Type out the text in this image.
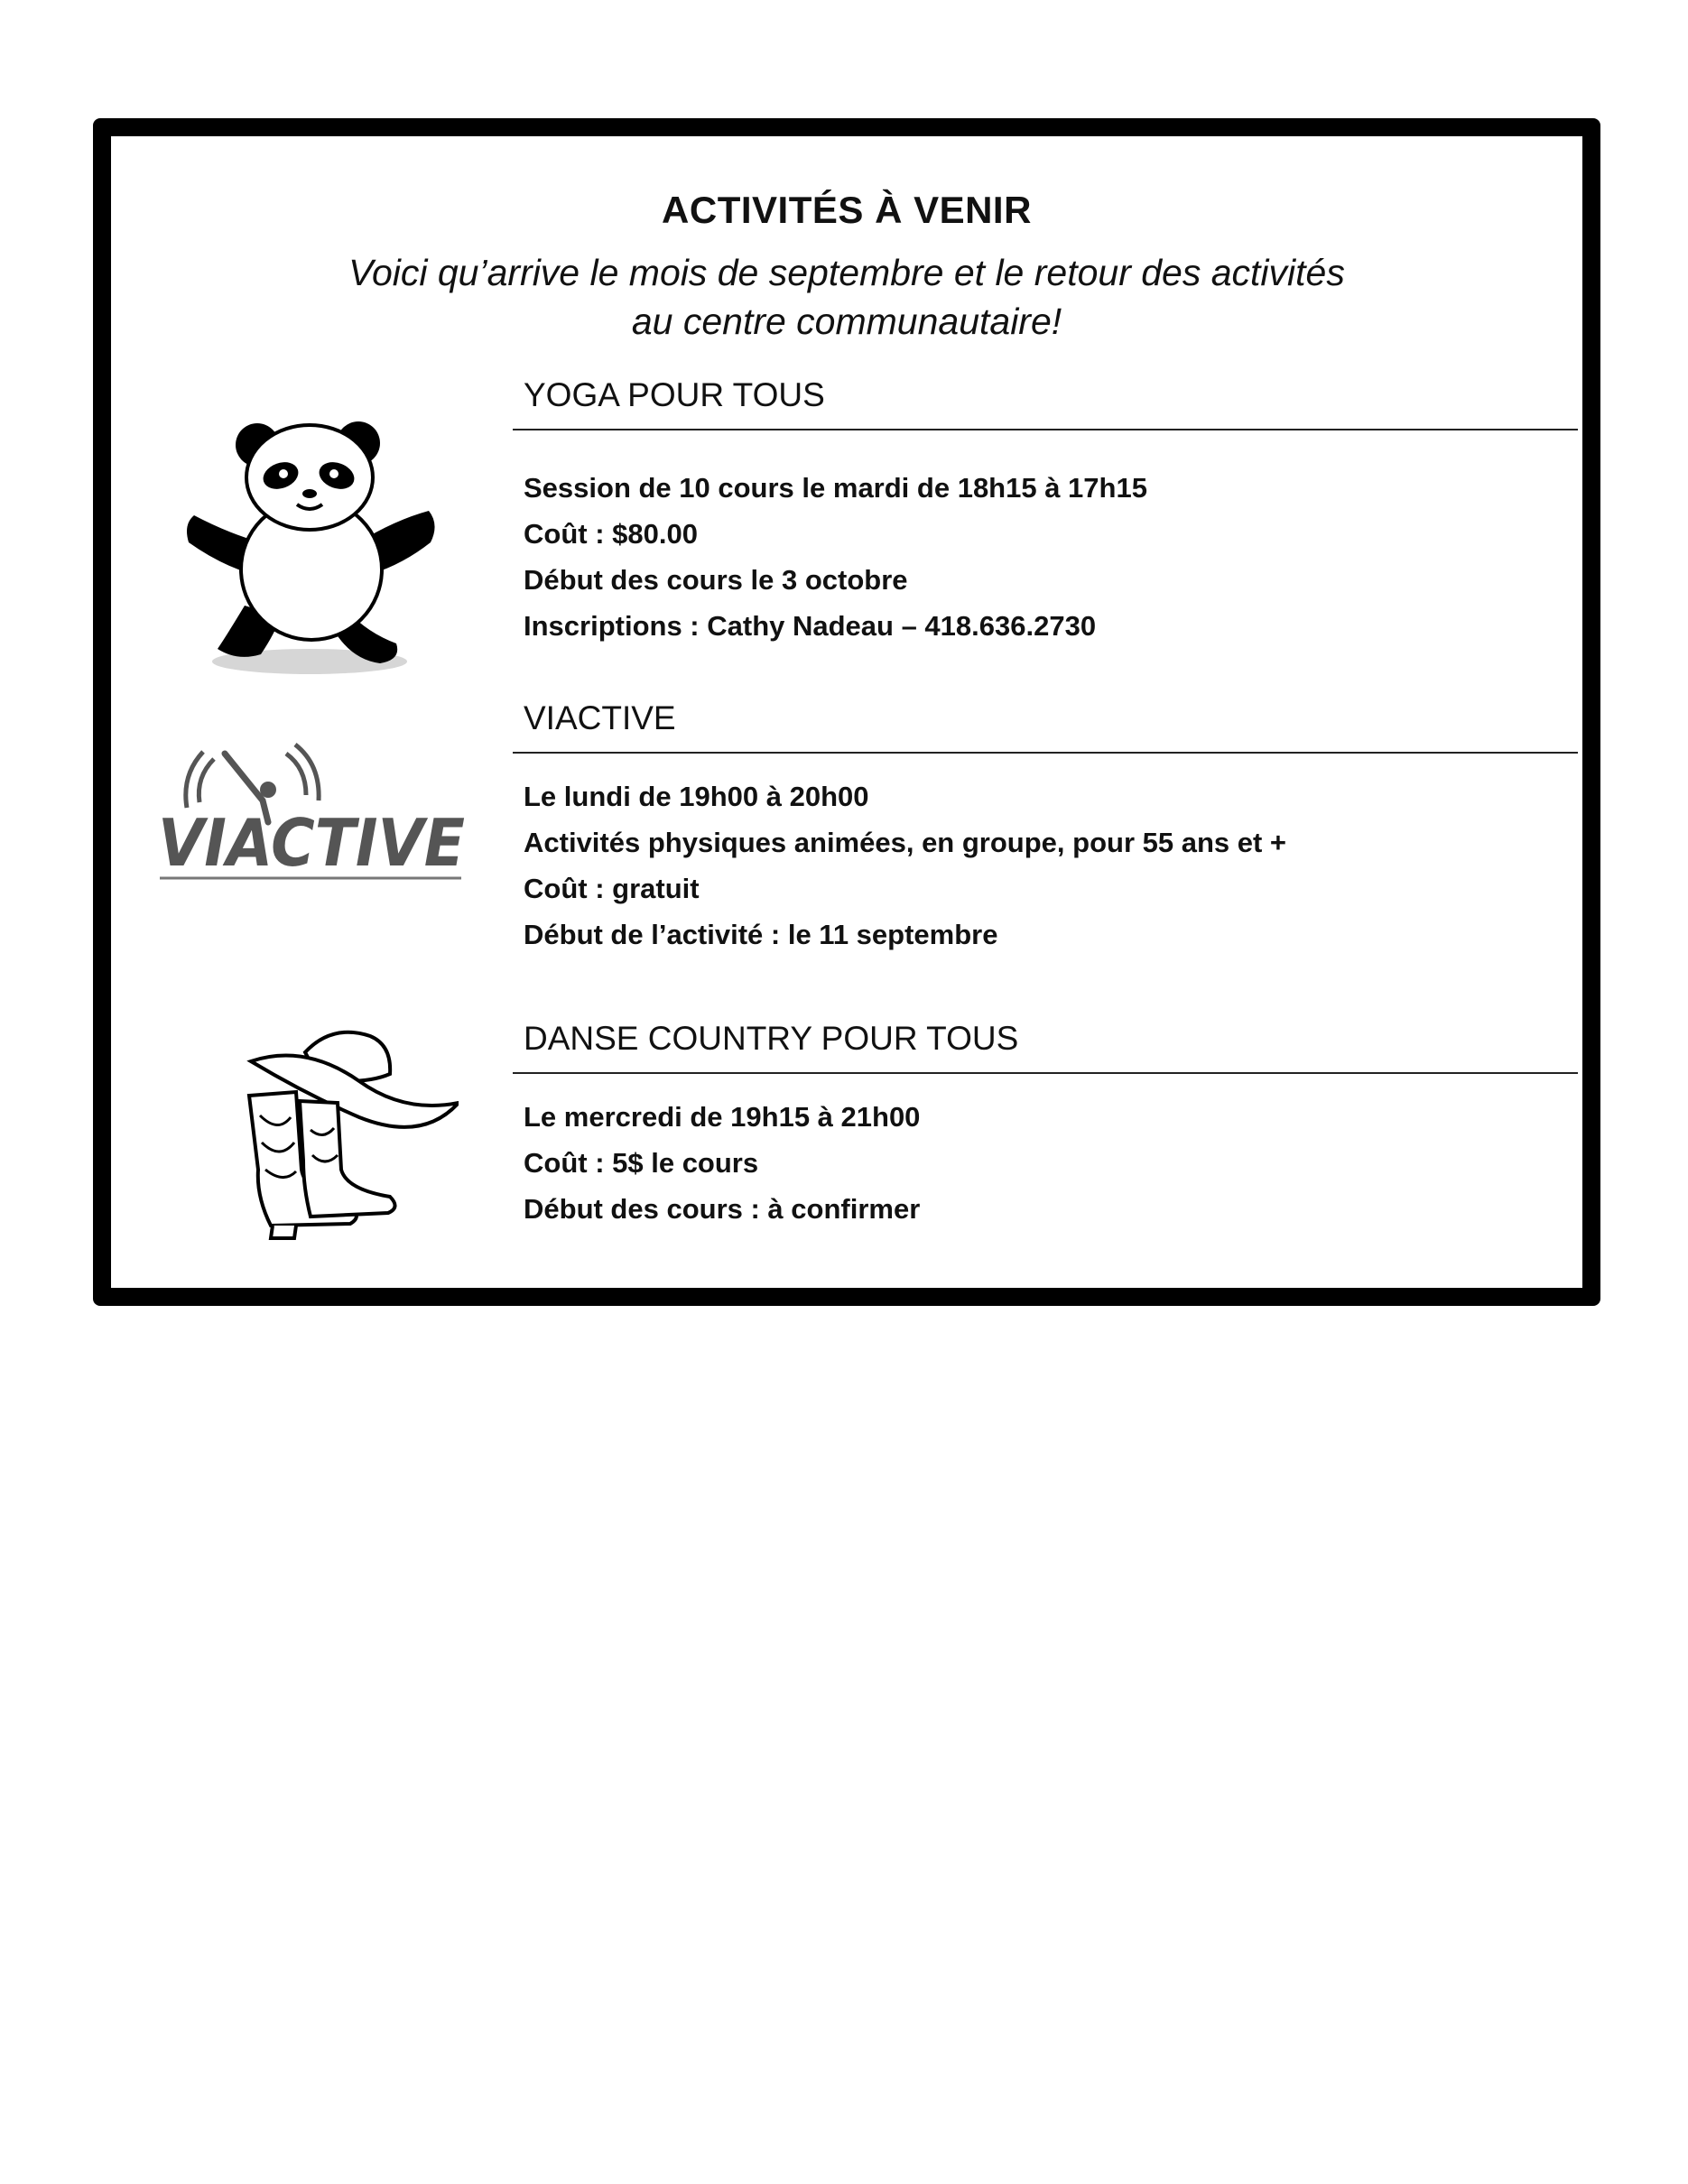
ACTIVITÉS À VENIR
Voici qu’arrive le mois de septembre et le retour des activités
au centre communautaire!
VIACTIVE
YOGA POUR TOUS
Session de 10 cours le mardi de 18h15 à 17h15
Coût : $80.00
Début des cours le 3 octobre
Inscriptions : Cathy Nadeau – 418.636.2730
VIACTIVE
Le lundi de 19h00 à 20h00
Activités physiques animées, en groupe, pour 55 ans et +
Coût : gratuit
Début de l’activité : le 11 septembre
DANSE COUNTRY POUR TOUS
Le mercredi de 19h15 à 21h00
Coût : 5$ le cours
Début des cours : à confirmer
